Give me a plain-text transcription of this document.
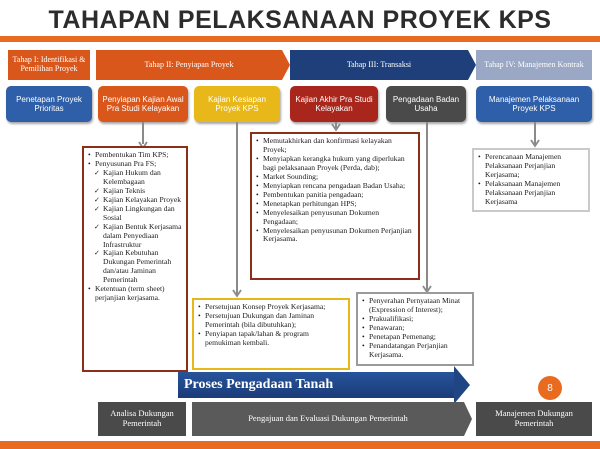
TAHAPAN PELAKSANAAN PROYEK KPS
Tahap I: Identifikasi & Pemilihan Proyek	Tahap II: Penyiapan Proyek	Tahap III: Transaksi	Tahap IV: Manajemen Kontrak
Penetapan Proyek Prioritas
Penyiapan Kajian Awal Pra Studi Kelayakan
Kajian Kesiapan Proyek KPS
Kajian Akhir Pra Studi Kelayakan
Pengadaan Badan Usaha
Manajemen Pelaksanaan Proyek KPS
• Pembentukan Tim KPS;
• Penyusunan Pra FS;
✓ Kajian Hukum dan Kelembagaan
✓ Kajian Teknis
✓ Kajian Kelayakan Proyek
✓ Kajian Lingkungan dan Sosial
✓ Kajian Bentuk Kerjasama dalam Penyediaan Infrastruktur
✓ Kajian Kebutuhan Dukungan Pemerintah dan/atau Jaminan Pemerintah
• Ketentuan (term sheet) perjanjian kerjasama.
• Persetujuan Konsep Proyek Kerjasama;
• Persetujuan Dukungan dan Jaminan Pemerintah (bila dibutuhkan);
• Penyiapan tapak/lahan & program pemukiman kembali.
• Memutakhirkan dan konfirmasi kelayakan Proyek;
• Menyiapkan kerangka hukum yang diperlukan bagi pelaksanaan Proyek (Perda, dab);
• Market Sounding;
• Menyiapkan rencana pengadaan Badan Usaha;
• Pembentukan panitia pengadaan;
• Menetapkan perhitungan HPS;
• Menyelesaikan penyusunan Dokumen Pengadaan;
• Menyelesaikan penyusunan Dokumen Perjanjian Kerjasama.
• Penyerahan Pernyataan Minat (Expression of Interest);
• Prakualifikasi;
• Penawaran;
• Penetapan Pemenang;
• Penandatangan Perjanjian Kerjasama.
• Perencanaan Manajemen Pelaksanaan Perjanjian Kerjasama;
• Pelaksanaan Manajemen Pelaksanaan Perjanjian Kerjasama
Proses Pengadaan Tanah	8
Analisa Dukungan Pemerintah	Pengajuan dan Evaluasi Dukungan Pemerintah	Manajemen Dukungan Pemerintah
